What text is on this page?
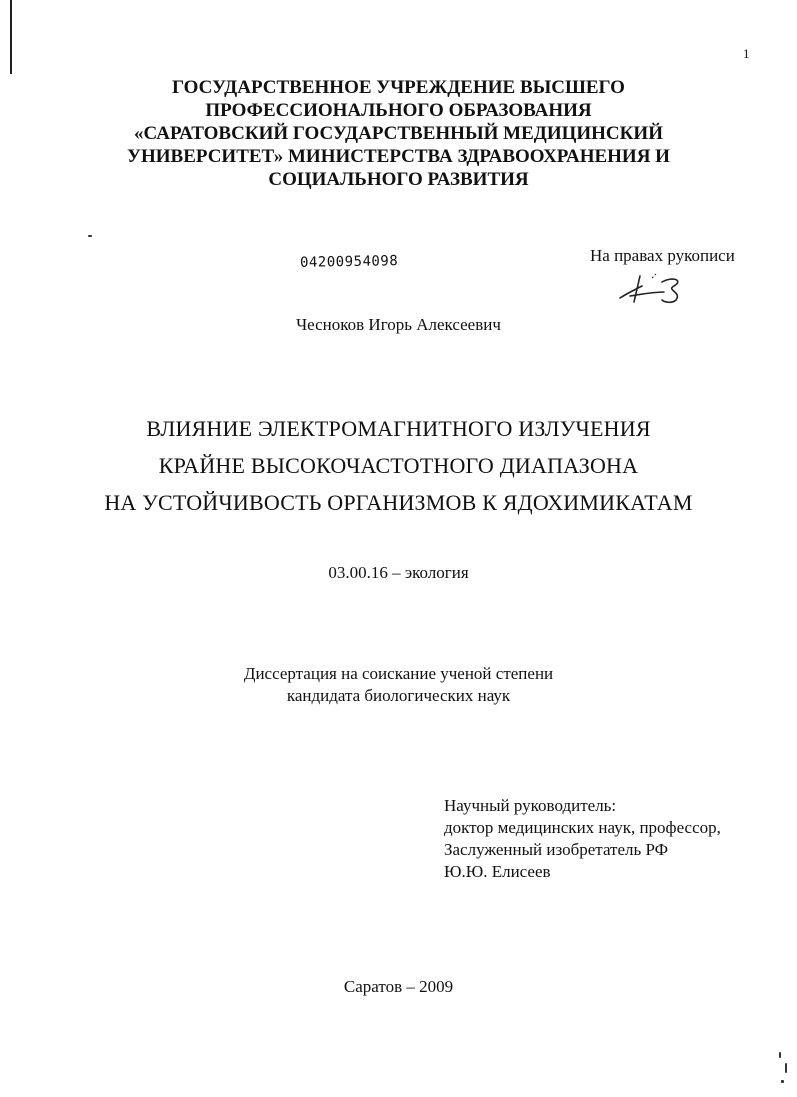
1
ГОСУДАРСТВЕННОЕ УЧРЕЖДЕНИЕ ВЫСШЕГО
ПРОФЕССИОНАЛЬНОГО ОБРАЗОВАНИЯ
«САРАТОВСКИЙ ГОСУДАРСТВЕННЫЙ МЕДИЦИНСКИЙ
УНИВЕРСИТЕТ» МИНИСТЕРСТВА ЗДРАВООХРАНЕНИЯ И
СОЦИАЛЬНОГО РАЗВИТИЯ
04200954098	На правах рукописи
Чесноков Игорь Алексеевич
ВЛИЯНИЕ ЭЛЕКТРОМАГНИТНОГО ИЗЛУЧЕНИЯ
КРАЙНЕ ВЫСОКОЧАСТОТНОГО ДИАПАЗОНА
НА УСТОЙЧИВОСТЬ ОРГАНИЗМОВ К ЯДОХИМИКАТАМ
03.00.16 – экология
Диссертация на соискание ученой степени
кандидата биологических наук
Научный руководитель:
доктор медицинских наук, профессор,
Заслуженный изобретатель РФ
Ю.Ю. Елисеев
Саратов – 2009
